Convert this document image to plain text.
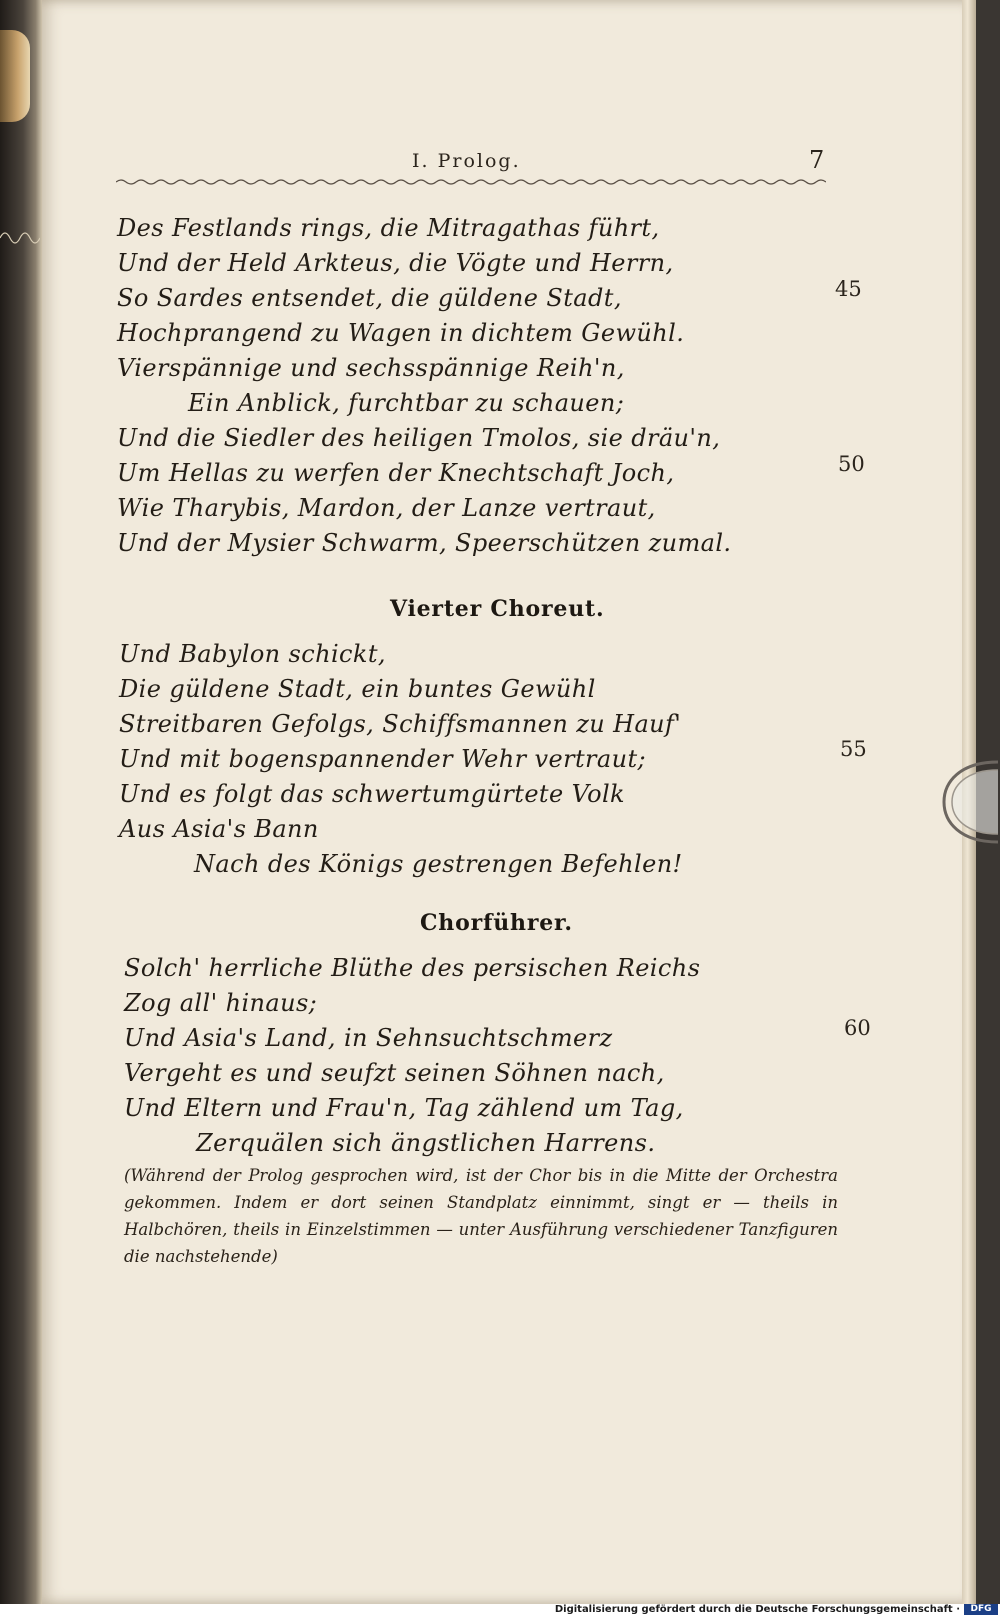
I. Prolog.	7
Des Festlands rings, die Mitragathas führt,
Und der Held Arkteus, die Vögte und Herrn,
So Sardes entsendet, die güldene Stadt,
Hochprangend zu Wagen in dichtem Gewühl.
Vierspännige und sechsspännige Reih'n,
Ein Anblick, furchtbar zu schauen;
Und die Siedler des heiligen Tmolos, sie dräu'n,
Um Hellas zu werfen der Knechtschaft Joch,
Wie Tharybis, Mardon, der Lanze vertraut,
Und der Mysier Schwarm, Speerschützen zumal.
Vierter Choreut.
Und Babylon schickt,
Die güldene Stadt, ein buntes Gewühl
Streitbaren Gefolgs, Schiffsmannen zu Hauf'
Und mit bogenspannender Wehr vertraut;
Und es folgt das schwertumgürtete Volk
Aus Asia's Bann
Nach des Königs gestrengen Befehlen!
Chorführer.
Solch' herrliche Blüthe des persischen Reichs
Zog all' hinaus;
Und Asia's Land, in Sehnsuchtschmerz
Vergeht es und seufzt seinen Söhnen nach,
Und Eltern und Frau'n, Tag zählend um Tag,
Zerquälen sich ängstlichen Harrens.
45
50
55
60
(Während der Prolog gesprochen wird, ist der Chor bis in die Mitte der Orchestra gekommen. Indem er dort seinen Standplatz einnimmt, singt er — theils in Halbchören, theils in Einzelstimmen — unter Ausführung verschiedener Tanzfiguren die nachstehende)
Digitalisierung gefördert durch die Deutsche Forschungsgemeinschaft ·	DFG
